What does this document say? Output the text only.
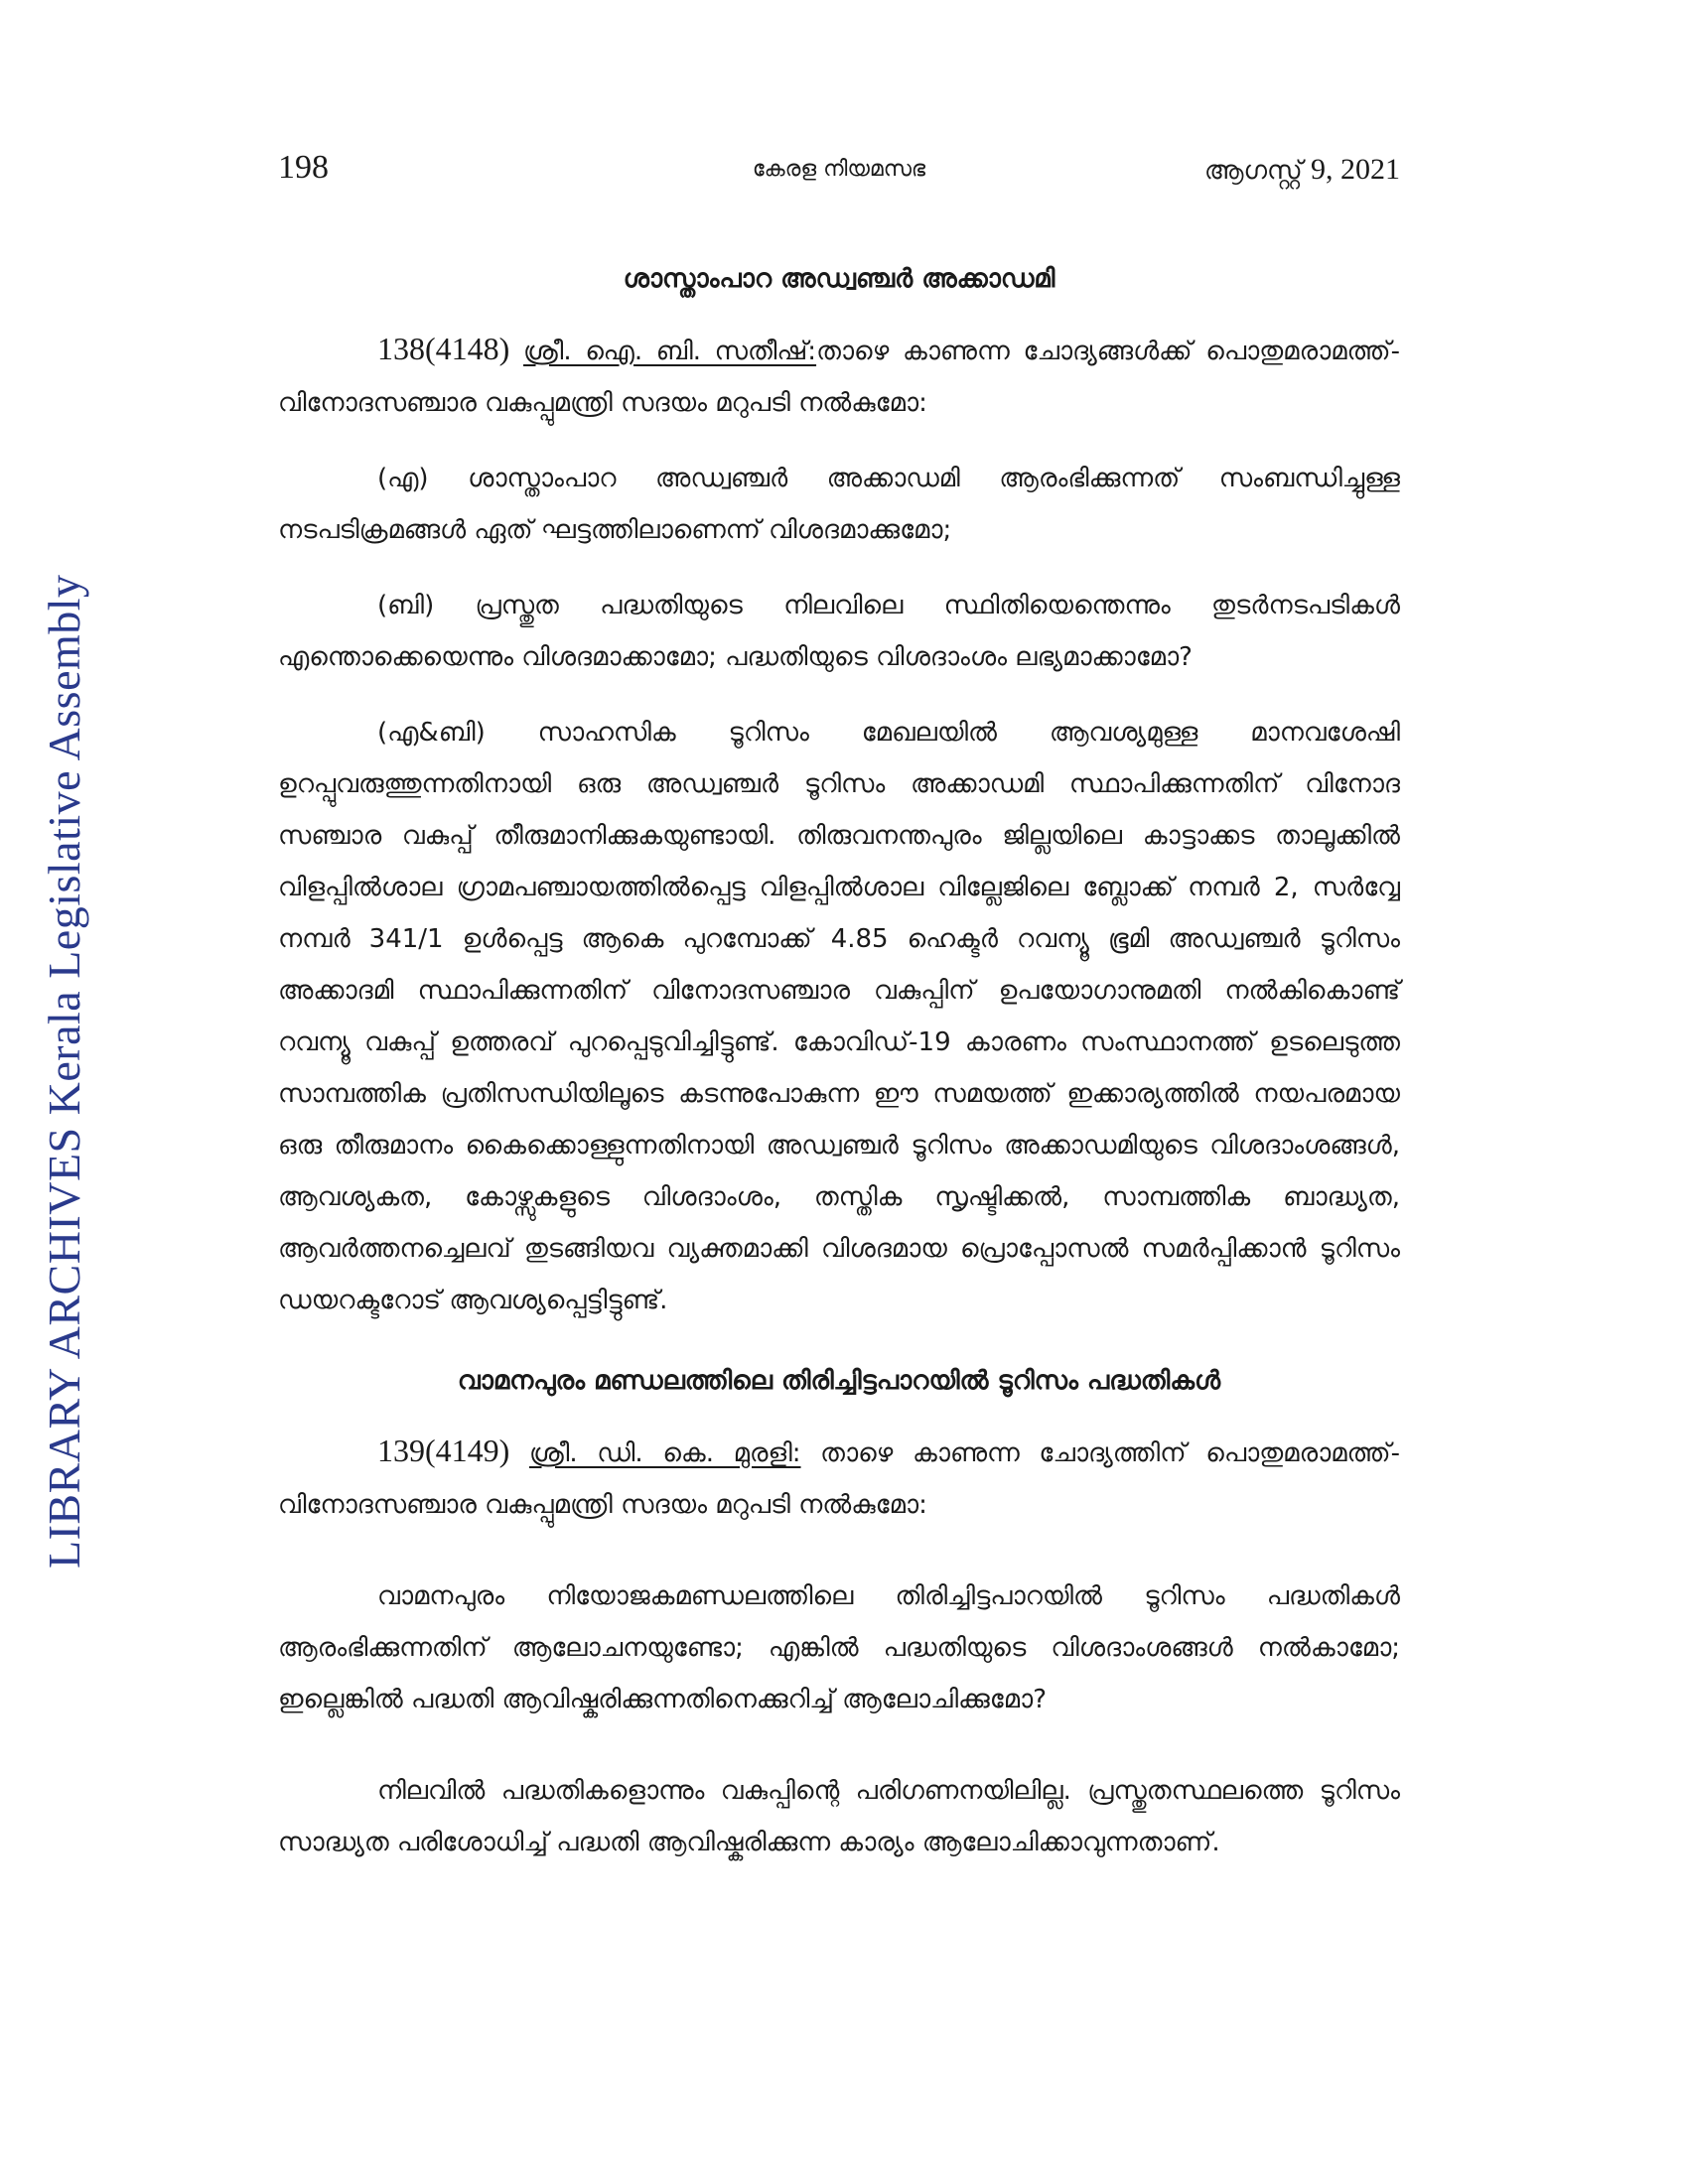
LIBRARY ARCHIVES Kerala Legislative Assembly
198	കേരള നിയമസഭ	ആഗസ്റ്റ് 9, 2021
ശാസ്താംപാറ അഡ്വഞ്ചർ അക്കാഡമി

138(4148) ശ്രീ. ഐ. ബി. സതീഷ്:താഴെ കാണുന്ന ചോദ്യങ്ങൾക്ക് പൊതുമരാമത്ത്-വിനോദസഞ്ചാര വകുപ്പുമന്ത്രി സദയം മറുപടി നൽകുമോ:

(എ) ശാസ്താംപാറ അഡ്വഞ്ചർ അക്കാഡമി ആരംഭിക്കുന്നത് സംബന്ധിച്ചുള്ള നടപടിക്രമങ്ങൾ ഏത് ഘട്ടത്തിലാണെന്ന് വിശദമാക്കുമോ;

(ബി) പ്രസ്തുത പദ്ധതിയുടെ നിലവിലെ സ്ഥിതിയെന്തെന്നും തുടർനടപടികൾ എന്തൊക്കെയെന്നും വിശദമാക്കാമോ; പദ്ധതിയുടെ വിശദാംശം ലഭ്യമാക്കാമോ?

(എ&ബി) സാഹസിക ടൂറിസം മേഖലയിൽ ആവശ്യമുള്ള മാനവശേഷി ഉറപ്പുവരുത്തുന്നതിനായി ഒരു അഡ്വഞ്ചർ ടൂറിസം അക്കാഡമി സ്ഥാപിക്കുന്നതിന് വിനോദ സഞ്ചാര വകുപ്പ് തീരുമാനിക്കുകയുണ്ടായി. തിരുവനന്തപുരം ജില്ലയിലെ കാട്ടാക്കട താലൂക്കിൽ വിളപ്പിൽശാല ഗ്രാമപഞ്ചായത്തിൽപ്പെട്ട വിളപ്പിൽശാല വില്ലേജിലെ ബ്ലോക്ക് നമ്പർ 2, സർവ്വേ നമ്പർ 341/1 ഉൾപ്പെട്ട ആകെ പുറമ്പോക്ക് 4.85 ഹെക്ടർ റവന്യൂ ഭൂമി അഡ്വഞ്ചർ ടൂറിസം അക്കാദമി സ്ഥാപിക്കുന്നതിന് വിനോദസഞ്ചാര വകുപ്പിന് ഉപയോഗാനുമതി നൽകികൊണ്ട് റവന്യൂ വകുപ്പ് ഉത്തരവ് പുറപ്പെടുവിച്ചിട്ടുണ്ട്. കോവിഡ്-19 കാരണം സംസ്ഥാനത്ത് ഉടലെടുത്ത സാമ്പത്തിക പ്രതിസന്ധിയിലൂടെ കടന്നുപോകുന്ന ഈ സമയത്ത് ഇക്കാര്യത്തിൽ നയപരമായ ഒരു തീരുമാനം കൈക്കൊള്ളുന്നതിനായി അഡ്വഞ്ചർ ടൂറിസം അക്കാഡമിയുടെ വിശദാംശങ്ങൾ, ആവശ്യകത, കോഴ്സുകളുടെ വിശദാംശം, തസ്തിക സൃഷ്ടിക്കൽ, സാമ്പത്തിക ബാദ്ധ്യത, ആവർത്തനച്ചെലവ് തുടങ്ങിയവ വ്യക്തമാക്കി വിശദമായ പ്രൊപ്പോസൽ സമർപ്പിക്കാൻ ടൂറിസം ഡയറക്ടറോട് ആവശ്യപ്പെട്ടിട്ടുണ്ട്.

വാമനപുരം മണ്ഡലത്തിലെ തിരിച്ചിട്ടപാറയിൽ ടൂറിസം പദ്ധതികൾ

139(4149) ശ്രീ. ഡി. കെ. മുരളി: താഴെ കാണുന്ന ചോദ്യത്തിന് പൊതുമരാമത്ത്-വിനോദസഞ്ചാര വകുപ്പുമന്ത്രി സദയം മറുപടി നൽകുമോ:

വാമനപുരം നിയോജകമണ്ഡലത്തിലെ തിരിച്ചിട്ടപാറയിൽ ടൂറിസം പദ്ധതികൾ ആരംഭിക്കുന്നതിന് ആലോചനയുണ്ടോ; എങ്കിൽ പദ്ധതിയുടെ വിശദാംശങ്ങൾ നൽകാമോ; ഇല്ലെങ്കിൽ പദ്ധതി ആവിഷ്കരിക്കുന്നതിനെക്കുറിച്ച് ആലോചിക്കുമോ?

നിലവിൽ പദ്ധതികളൊന്നും വകുപ്പിന്റെ പരിഗണനയിലില്ല. പ്രസ്തുതസ്ഥലത്തെ ടൂറിസം സാദ്ധ്യത പരിശോധിച്ച് പദ്ധതി ആവിഷ്കരിക്കുന്ന കാര്യം ആലോചിക്കാവുന്നതാണ്.
